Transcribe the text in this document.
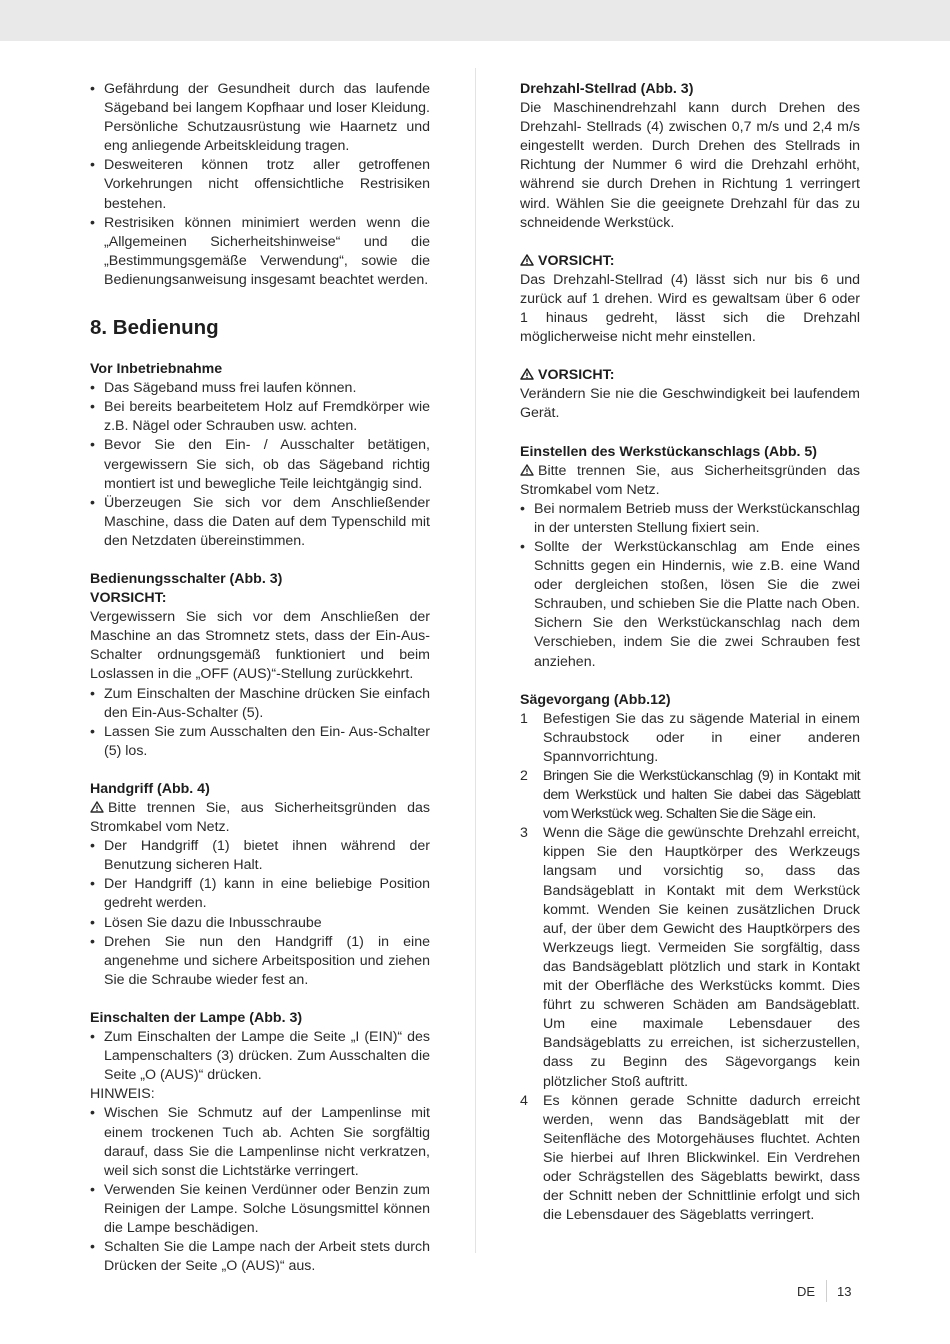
• Gefährdung der Gesundheit durch das laufende Sägeband bei langem Kopfhaar und loser Kleidung. Persönliche Schutzausrüstung wie Haarnetz und eng anliegende Arbeitskleidung tragen.
• Desweiteren können trotz aller getroffenen Vorkehrungen nicht offensichtliche Restrisiken bestehen.
• Restrisiken können minimiert werden wenn die „Allgemeinen Sicherheitshinweise“ und die „Bestimmungsgemäße Verwendung“, sowie die Bedienungsanweisung insgesamt beachtet werden.
8. Bedienung

Vor Inbetriebnahme

• Das Sägeband muss frei laufen können.
• Bei bereits bearbeitetem Holz auf Fremdkörper wie z.B. Nägel oder Schrauben usw. achten.
• Bevor Sie den Ein- / Ausschalter betätigen, vergewissern Sie sich, ob das Sägeband richtig montiert ist und bewegliche Teile leichtgängig sind.
• Überzeugen Sie sich vor dem Anschließender Maschine, dass die Daten auf dem Typenschild mit den Netzdaten übereinstimmen.

Bedienungsschalter (Abb. 3)

VORSICHT:

Vergewissern Sie sich vor dem Anschließen der Maschine an das Stromnetz stets, dass der Ein-Aus- Schalter ordnungsgemäß funktioniert und beim Loslassen in die „OFF (AUS)“-Stellung zurückkehrt.

• Zum Einschalten der Maschine drücken Sie einfach den Ein-Aus-Schalter (5).
• Lassen Sie zum Ausschalten den Ein- Aus-Schalter (5) los.

Handgriff (Abb. 4)

Bitte trennen Sie, aus Sicherheitsgründen das Stromkabel vom Netz.

• Der Handgriff (1) bietet ihnen während der Benutzung sicheren Halt.
• Der Handgriff (1) kann in eine beliebige Position gedreht werden.
• Lösen Sie dazu die Inbusschraube
• Drehen Sie nun den Handgriff (1) in eine angenehme und sichere Arbeitsposition und ziehen Sie die Schraube wieder fest an.

Einschalten der Lampe (Abb. 3)

• Zum Einschalten der Lampe die Seite „I (EIN)“ des Lampenschalters (3) drücken. Zum Ausschalten die Seite „O (AUS)“ drücken.

HINWEIS:

• Wischen Sie Schmutz auf der Lampenlinse mit einem trockenen Tuch ab. Achten Sie sorgfältig darauf, dass Sie die Lampenlinse nicht verkratzen, weil sich sonst die Lichtstärke verringert.
• Verwenden Sie keinen Verdünner oder Benzin zum Reinigen der Lampe. Solche Lösungsmittel können die Lampe beschädigen.
• Schalten Sie die Lampe nach der Arbeit stets durch Drücken der Seite „O (AUS)“ aus.

Drehzahl-Stellrad (Abb. 3)

Die Maschinendrehzahl kann durch Drehen des Drehzahl- Stellrads (4) zwischen 0,7 m/s und 2,4 m/s eingestellt werden. Durch Drehen des Stellrads in Richtung der Nummer 6 wird die Drehzahl erhöht, während sie durch Drehen in Richtung 1 verringert wird. Wählen Sie die geeignete Drehzahl für das zu schneidende Werkstück.

VORSICHT:

Das Drehzahl-Stellrad (4) lässt sich nur bis 6 und zurück auf 1 drehen. Wird es gewaltsam über 6 oder 1 hinaus gedreht, lässt sich die Drehzahl möglicherweise nicht mehr einstellen.

VORSICHT:

Verändern Sie nie die Geschwindigkeit bei laufendem Gerät.

Einstellen des Werkstückanschlags (Abb. 5)

Bitte trennen Sie, aus Sicherheitsgründen das Stromkabel vom Netz.

• Bei normalem Betrieb muss der Werkstückanschlag in der untersten Stellung fixiert sein.
• Sollte der Werkstückanschlag am Ende eines Schnitts gegen ein Hindernis, wie z.B. eine Wand oder dergleichen stoßen, lösen Sie die zwei Schrauben, und schieben Sie die Platte nach Oben. Sichern Sie den Werkstückanschlag nach dem Verschieben, indem Sie die zwei Schrauben fest anziehen.

Sägevorgang (Abb.12)

1 Befestigen Sie das zu sägende Material in einem Schraubstock oder in einer anderen Spannvorrichtung.
2 Bringen Sie die Werkstückanschlag (9) in Kontakt mit dem Werkstück und halten Sie dabei das Sägeblatt vom Werkstück weg. Schalten Sie die Säge ein.
3 Wenn die Säge die gewünschte Drehzahl erreicht, kippen Sie den Hauptkörper des Werkzeugs langsam und vorsichtig so, dass das Bandsägeblatt in Kontakt mit dem Werkstück kommt. Wenden Sie keinen zusätzlichen Druck auf, der über dem Gewicht des Hauptkörpers des Werkzeugs liegt. Vermeiden Sie sorgfältig, dass das Bandsägeblatt plötzlich und stark in Kontakt mit der Oberfläche des Werkstücks kommt. Dies führt zu schweren Schäden am Bandsägeblatt. Um eine maximale Lebensdauer des Bandsägeblatts zu erreichen, ist sicherzustellen, dass zu Beginn des Sägevorgangs kein plötzlicher Stoß auftritt.
4 Es können gerade Schnitte dadurch erreicht werden, wenn das Bandsägeblatt mit der Seitenfläche des Motorgehäuses fluchtet. Achten Sie hierbei auf Ihren Blickwinkel. Ein Verdrehen oder Schrägstellen des Sägeblatts bewirkt, dass der Schnitt neben der Schnittlinie erfolgt und sich die Lebensdauer des Sägeblatts verringert.
DE 13
